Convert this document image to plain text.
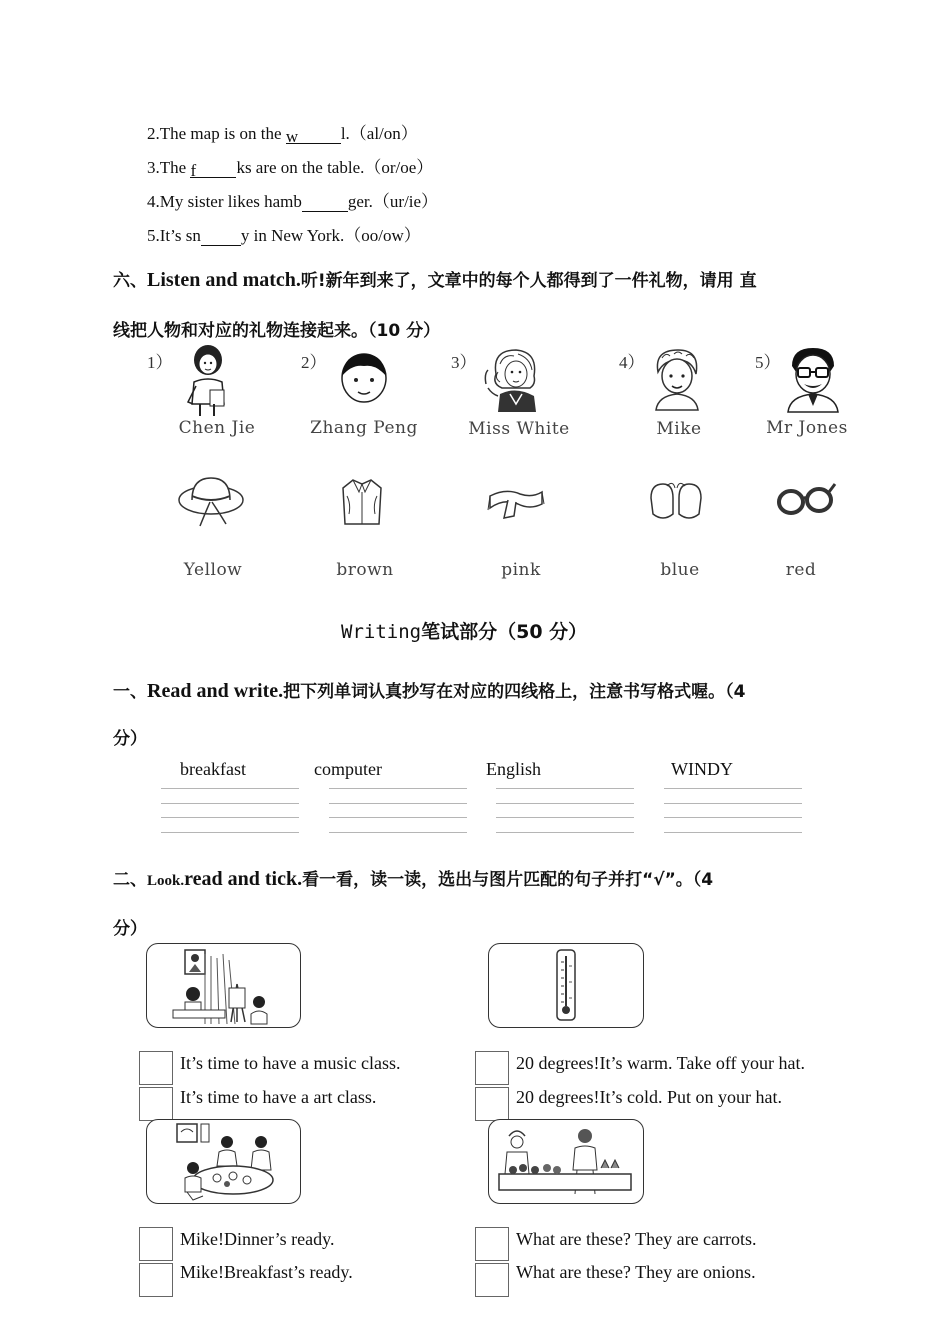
2.The map is on the w	l.（al/on）
3.The f ks are on the table.（or/oe）
4.My sister likes hamb	ger.（ur/ie）
5.It’s sn y in New York.（oo/ow）
六、Listen and match.听!新年到来了，文章中的每个人都得到了一件礼物，请用 直
线把人物和对应的礼物连接起来。（10 分）
1）
Chen Jie
2）
Zhang Peng
3）
Miss White
4）
Mike
5）
Mr Jones
Yellow	brown	pink	blue	red
Writing笔试部分（50 分）
一、Read and write.把下列单词认真抄写在对应的四线格上，注意书写格式喔。（4
分）
breakfast	computer	English	WINDY
二、Look.read and tick.看一看，读一读，选出与图片匹配的句子并打“√”。（4
分）
It’s time to have a music class.
It’s time to have a art class.
20 degrees!It’s warm. Take off your hat.
20 degrees!It’s cold. Put on your hat.
Mike!Dinner’s ready.
Mike!Breakfast’s ready.
What are these? They are carrots.
What are these? They are onions.
